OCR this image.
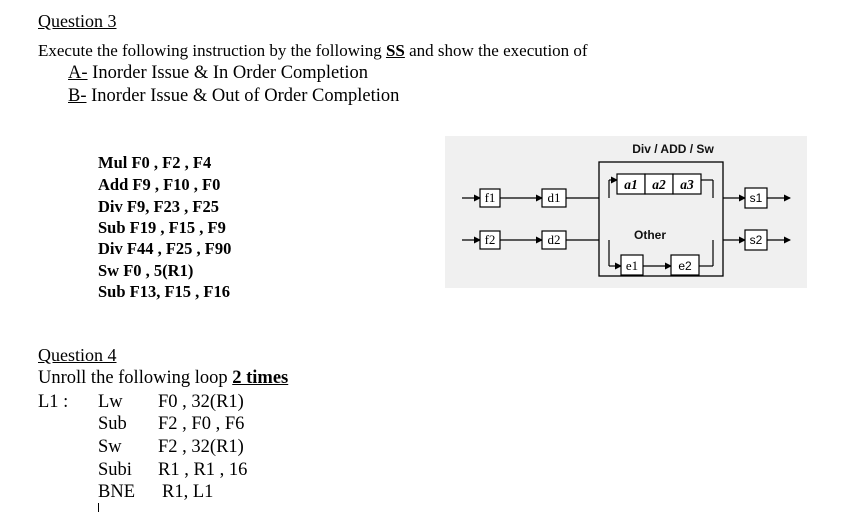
Question 3
Execute the following instruction by the following SS and show the execution of
A- Inorder Issue & In Order Completion
B- Inorder Issue & Out of Order Completion
Mul F0 , F2 , F4
Add F9 , F10 , F0
Div F9, F23 , F25
Sub F19 , F15 , F9
Div F44 , F25 , F90
Sw F0 , 5(R1)
Sub F13, F15 , F16
Div / ADD / Sw
Other
f1	d1
f2	d2
a1 a2 a3
e1	e2
s1
s2
Question 4
Unroll the following loop 2 times
L1 : Lw F0 , 32(R1)
Sub F2 , F0 , F6
Sw F2 , 32(R1)
Subi R1 , R1 , 16
BNE R1, L1
